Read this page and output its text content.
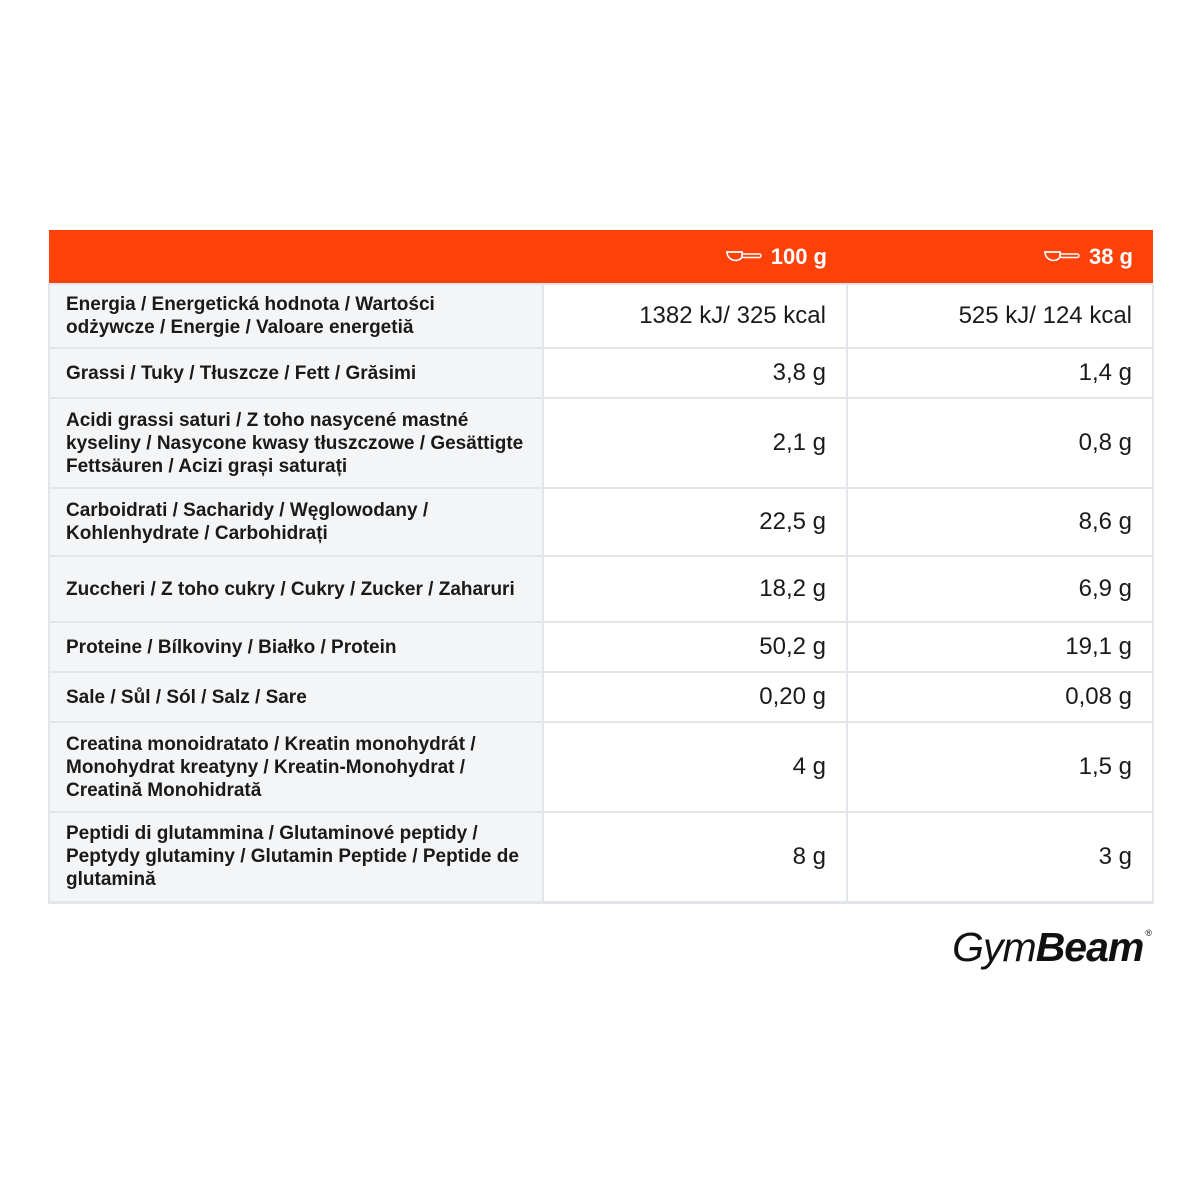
	100 g	38 g
Energia / Energetická hodnota / Wartości odżywcze / Energie / Valoare energetiă	1382 kJ/ 325 kcal	525 kJ/ 124 kcal
Grassi / Tuky / Tłuszcze / Fett / Grăsimi	3,8 g	1,4 g
Acidi grassi saturi / Z toho nasycené mastné kyseliny / Nasycone kwasy tłuszczowe / Gesättigte Fettsäuren / Acizi grași saturați	2,1 g	0,8 g
Carboidrati / Sacharidy / Węglowodany / Kohlenhydrate / Carbohidrați	22,5 g	8,6 g
Zuccheri / Z toho cukry / Cukry / Zucker / Zaharuri	18,2 g	6,9 g
Proteine / Bílkoviny / Białko / Protein	50,2 g	19,1 g
Sale / Sůl / Sól / Salz / Sare	0,20 g	0,08 g
Creatina monoidratato / Kreatin monohydrát / Monohydrat kreatyny / Kreatin-Monohydrat / Creatină Monohidrată	4 g	1,5 g
Peptidi di glutammina / Glutaminové peptidy / Peptydy glutaminy / Glutamin Peptide / Peptide de glutamină	8 g	3 g
Gym Beam ®
